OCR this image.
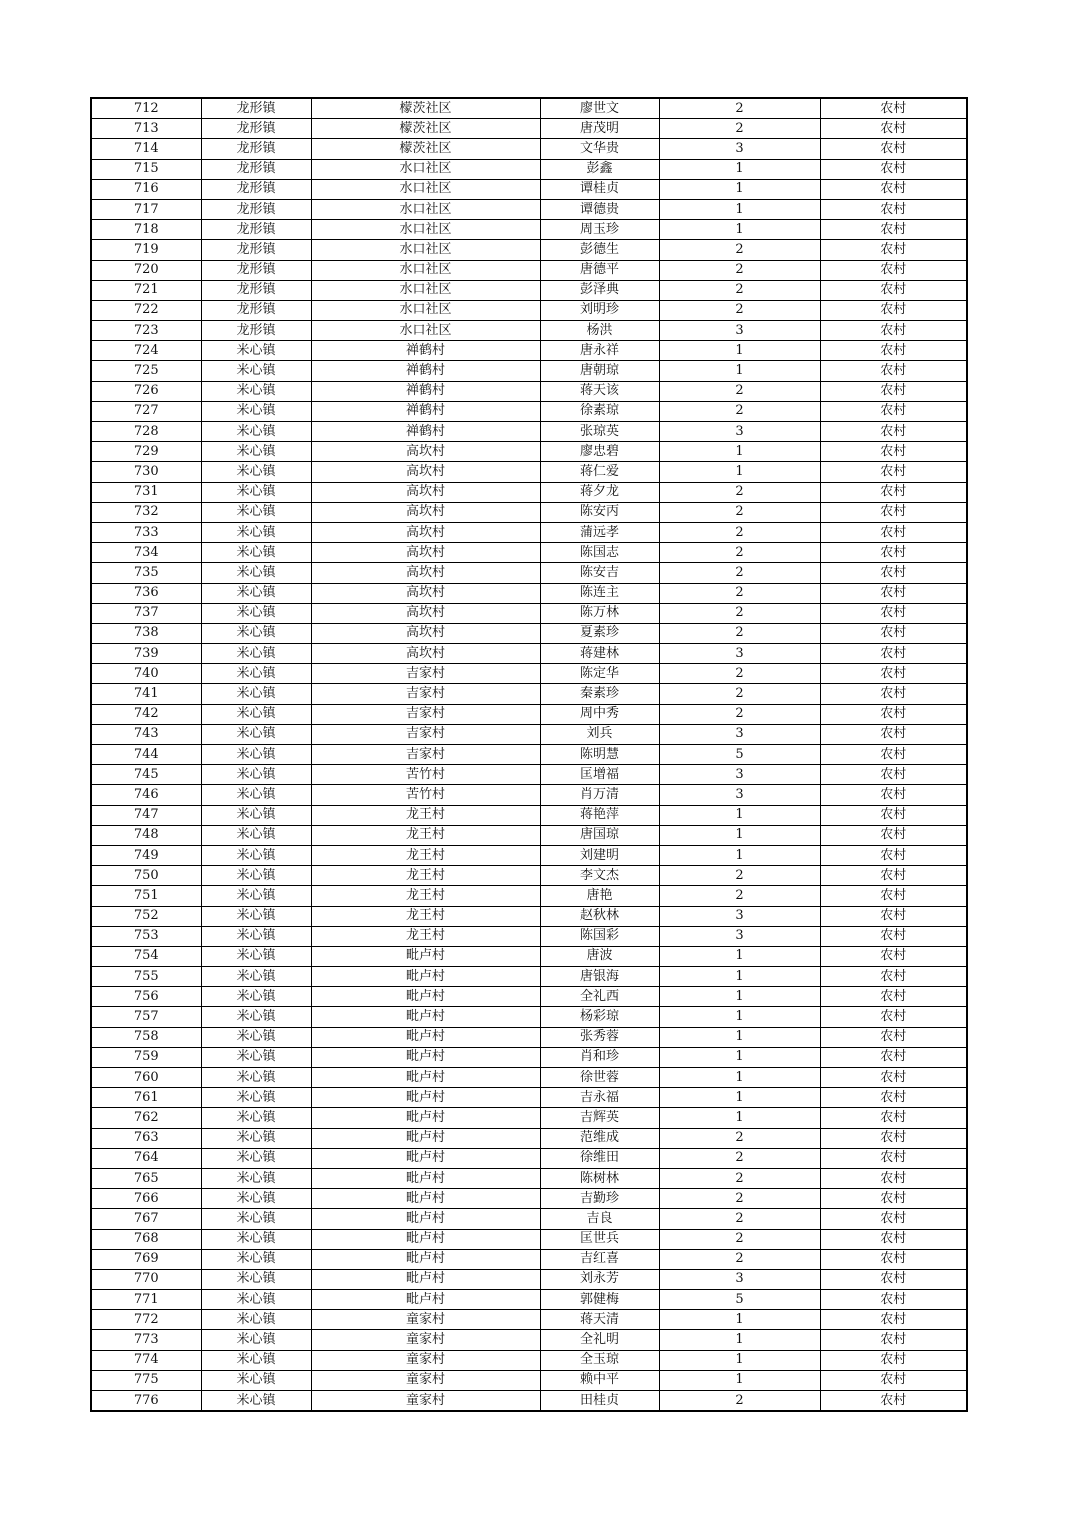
712	龙形镇	檬茨社区	廖世文	2	农村
713	龙形镇	檬茨社区	唐茂明	2	农村
714	龙形镇	檬茨社区	文华贵	3	农村
715	龙形镇	水口社区	彭鑫	1	农村
716	龙形镇	水口社区	谭桂贞	1	农村
717	龙形镇	水口社区	谭德贵	1	农村
718	龙形镇	水口社区	周玉珍	1	农村
719	龙形镇	水口社区	彭德生	2	农村
720	龙形镇	水口社区	唐德平	2	农村
721	龙形镇	水口社区	彭泽典	2	农村
722	龙形镇	水口社区	刘明珍	2	农村
723	龙形镇	水口社区	杨洪	3	农村
724	米心镇	禅鹤村	唐永祥	1	农村
725	米心镇	禅鹤村	唐朝琼	1	农村
726	米心镇	禅鹤村	蒋天该	2	农村
727	米心镇	禅鹤村	徐素琼	2	农村
728	米心镇	禅鹤村	张琼英	3	农村
729	米心镇	高坎村	廖忠碧	1	农村
730	米心镇	高坎村	蒋仁爱	1	农村
731	米心镇	高坎村	蒋夕龙	2	农村
732	米心镇	高坎村	陈安丙	2	农村
733	米心镇	高坎村	蒲远孝	2	农村
734	米心镇	高坎村	陈国志	2	农村
735	米心镇	高坎村	陈安吉	2	农村
736	米心镇	高坎村	陈连主	2	农村
737	米心镇	高坎村	陈万林	2	农村
738	米心镇	高坎村	夏素珍	2	农村
739	米心镇	高坎村	蒋建林	3	农村
740	米心镇	吉家村	陈定华	2	农村
741	米心镇	吉家村	秦素珍	2	农村
742	米心镇	吉家村	周中秀	2	农村
743	米心镇	吉家村	刘兵	3	农村
744	米心镇	吉家村	陈明慧	5	农村
745	米心镇	苦竹村	匡增福	3	农村
746	米心镇	苦竹村	肖万清	3	农村
747	米心镇	龙王村	蒋艳萍	1	农村
748	米心镇	龙王村	唐国琼	1	农村
749	米心镇	龙王村	刘建明	1	农村
750	米心镇	龙王村	李文杰	2	农村
751	米心镇	龙王村	唐艳	2	农村
752	米心镇	龙王村	赵秋林	3	农村
753	米心镇	龙王村	陈国彩	3	农村
754	米心镇	毗卢村	唐波	1	农村
755	米心镇	毗卢村	唐银海	1	农村
756	米心镇	毗卢村	全礼西	1	农村
757	米心镇	毗卢村	杨彩琼	1	农村
758	米心镇	毗卢村	张秀蓉	1	农村
759	米心镇	毗卢村	肖和珍	1	农村
760	米心镇	毗卢村	徐世蓉	1	农村
761	米心镇	毗卢村	吉永福	1	农村
762	米心镇	毗卢村	吉辉英	1	农村
763	米心镇	毗卢村	范维成	2	农村
764	米心镇	毗卢村	徐维田	2	农村
765	米心镇	毗卢村	陈树林	2	农村
766	米心镇	毗卢村	吉勤珍	2	农村
767	米心镇	毗卢村	吉良	2	农村
768	米心镇	毗卢村	匡世兵	2	农村
769	米心镇	毗卢村	吉红喜	2	农村
770	米心镇	毗卢村	刘永芳	3	农村
771	米心镇	毗卢村	郭健梅	5	农村
772	米心镇	童家村	蒋天清	1	农村
773	米心镇	童家村	全礼明	1	农村
774	米心镇	童家村	全玉琼	1	农村
775	米心镇	童家村	赖中平	1	农村
776	米心镇	童家村	田桂贞	2	农村
